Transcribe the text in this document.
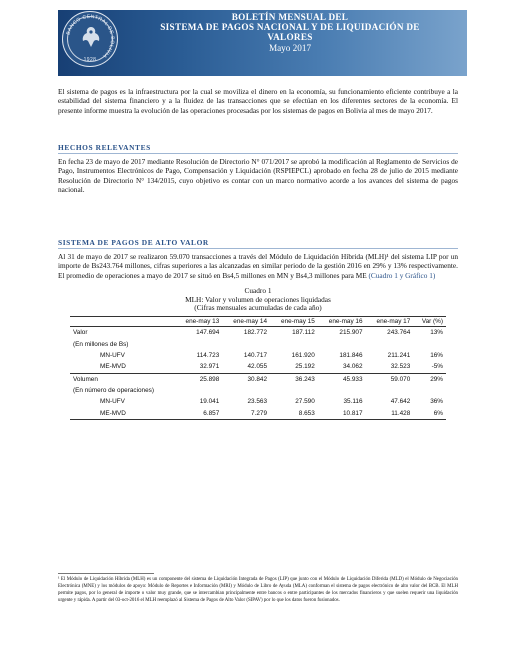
BANCO CENTRAL DE BOLIVIA
1928
BOLETÍN MENSUAL DEL
SISTEMA DE PAGOS NACIONAL Y DE LIQUIDACIÓN DE
VALORES
Mayo 2017
El sistema de pagos es la infraestructura por la cual se moviliza el dinero en la economía, su funcionamiento eficiente contribuye a la estabilidad del sistema financiero y a la fluidez de las transacciones que se efectúan en los diferentes sectores de la economía. El presente informe muestra la evolución de las operaciones procesadas por los sistemas de pagos en Bolivia al mes de mayo 2017.
HECHOS RELEVANTES
En fecha 23 de mayo de 2017 mediante Resolución de Directorio N° 071/2017 se aprobó la modificación al Reglamento de Servicios de Pago, Instrumentos Electrónicos de Pago, Compensación y Liquidación (RSPIEPCL) aprobado en fecha 28 de julio de 2015 mediante Resolución de Directorio N° 134/2015, cuyo objetivo es contar con un marco normativo acorde a los avances del sistema de pagos nacional.
SISTEMA DE PAGOS DE ALTO VALOR
Al 31 de mayo de 2017 se realizaron 59.070 transacciones a través del Módulo de Liquidación Híbrida (MLH)¹ del sistema LIP por un importe de Bs243.764 millones, cifras superiores a las alcanzadas en similar periodo de la gestión 2016 en 29% y 13% respectivamente. El promedio de operaciones a mayo de 2017 se situó en Bs4,5 millones en MN y Bs4,3 millones para ME (Cuadro 1 y Gráfico 1)
Cuadro 1
MLH: Valor y volumen de operaciones liquidadas
(Cifras mensuales acumuladas de cada año)
	ene-may 13	ene-may 14	ene-may 15	ene-may 16	ene-may 17	Var (%)
Valor	147.694	182.772	187.112	215.907	243.764	13%
(En millones de Bs)						
MN-UFV	114.723	140.717	161.920	181.846	211.241	16%
ME-MVD	32.971	42.055	25.192	34.062	32.523	-5%
Volumen	25.898	30.842	36.243	45.933	59.070	29%
(En número de operaciones)						
MN-UFV	19.041	23.563	27.590	35.116	47.642	36%
ME-MVD	6.857	7.279	8.653	10.817	11.428	6%
¹ El Módulo de Liquidación Híbrida (MLH) es un componente del sistema de Liquidación Integrada de Pagos (LIP) que junto con el Módulo de Liquidación Diferida (MLD) el Módulo de Negociación Electrónica (MNE) y los módulos de apoyo: Módulo de Reportes e Información (MRI) y Módulo de Libro de Ayuda (MLA) conforman el sistema de pagos electrónico de alto valor del BCB. El MLH permite pagos, por lo general de importe o valor muy grande, que se intercambian principalmente entre bancos o entre participantes de los mercados financieros y que suelen requerir una liquidación urgente y rápida. A partir del 03-oct-2016 el MLH reemplazó al Sistema de Pagos de Alto Valor (SIPAV) por lo que los datos fueron fusionados.
